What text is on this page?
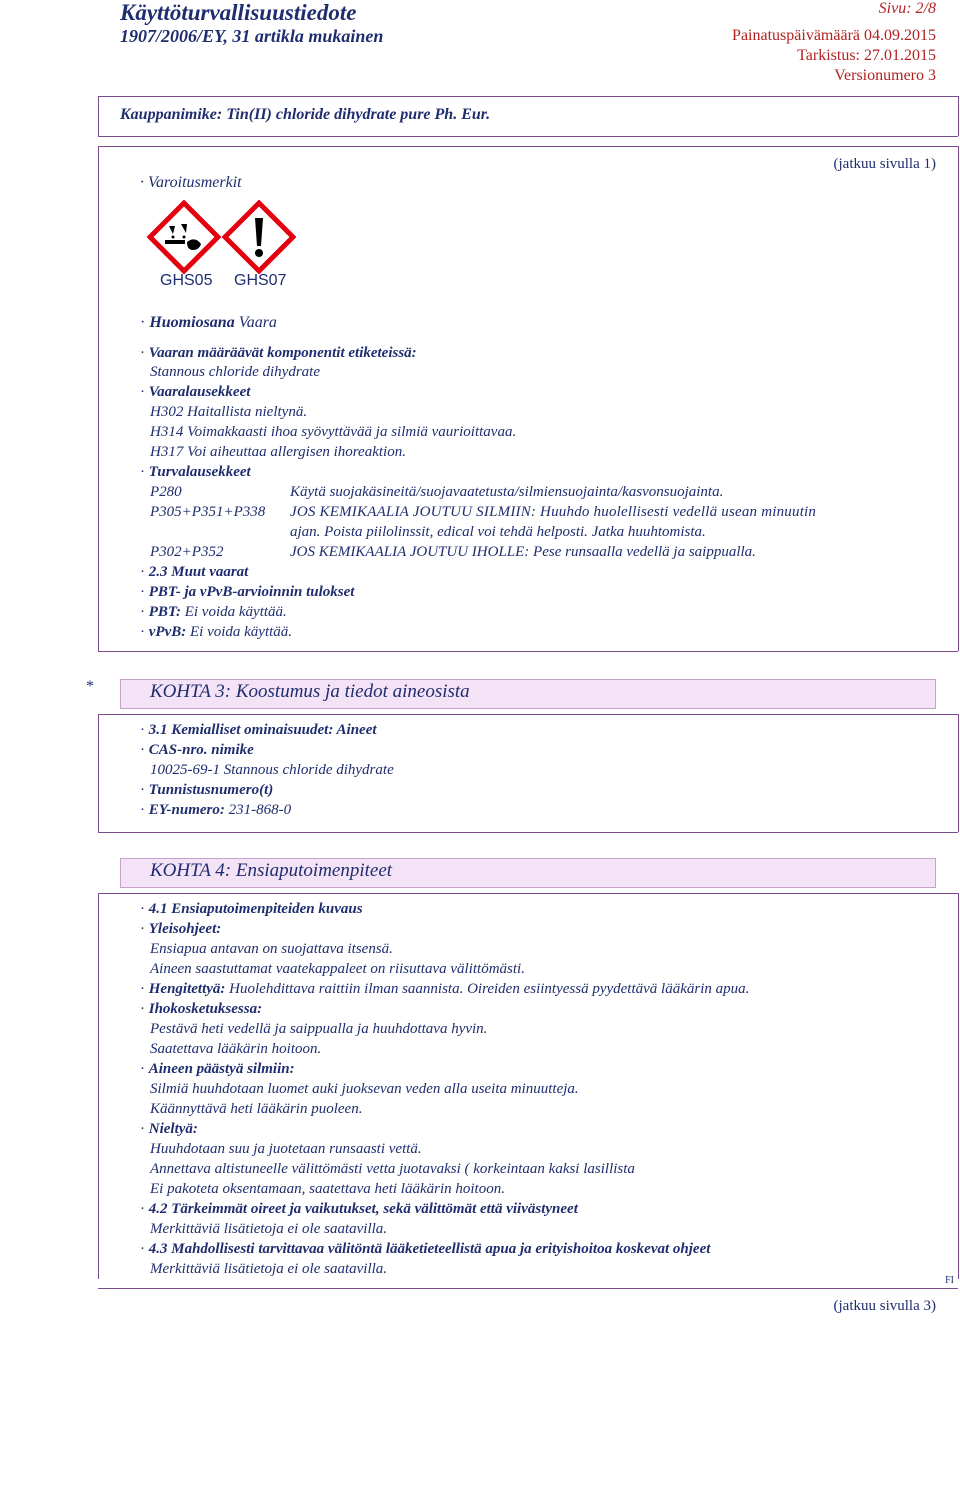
Käyttöturvallisuustiedote
1907/2006/EY, 31 artikla mukainen
Sivu: 2/8
Painatuspäivämäärä 04.09.2015
Tarkistus: 27.01.2015
Versionumero 3
Kauppanimike: Tin(II) chloride dihydrate pure Ph. Eur.
(jatkuu sivulla 1)
· Varoitusmerkit
GHS05 GHS07
· Huomiosana Vaara
· Vaaran määräävät komponentit etiketeissä:
Stannous chloride dihydrate
· Vaaralausekkeet
H302 Haitallista nieltynä.
H314 Voimakkaasti ihoa syövyttävää ja silmiä vaurioittavaa.
H317 Voi aiheuttaa allergisen ihoreaktion.
· Turvalausekkeet
P280	Käytä suojakäsineitä/suojavaatetusta/silmiensuojainta/kasvonsuojainta.
P305+P351+P338 JOS KEMIKAALIA JOUTUU SILMIIN: Huuhdo huolellisesti vedellä usean minuutin
ajan. Poista piilolinssit, edical voi tehdä helposti. Jatka huuhtomista.
P302+P352	JOS KEMIKAALIA JOUTUU IHOLLE: Pese runsaalla vedellä ja saippualla.
· 2.3 Muut vaarat
· PBT- ja vPvB-arvioinnin tulokset
· PBT: Ei voida käyttää.
· vPvB: Ei voida käyttää.
*	KOHTA 3: Koostumus ja tiedot aineosista
· 3.1 Kemialliset ominaisuudet: Aineet
· CAS-nro. nimike
10025-69-1 Stannous chloride dihydrate
· Tunnistusnumero(t)
· EY-numero: 231-868-0
KOHTA 4: Ensiaputoimenpiteet
· 4.1 Ensiaputoimenpiteiden kuvaus
· Yleisohjeet:
Ensiapua antavan on suojattava itsensä.
Aineen saastuttamat vaatekappaleet on riisuttava välittömästi.
· Hengitettyä: Huolehdittava raittiin ilman saannista. Oireiden esiintyessä pyydettävä lääkärin apua.
· Ihokosketuksessa:
Pestävä heti vedellä ja saippualla ja huuhdottava hyvin.
Saatettava lääkärin hoitoon.
· Aineen päästyä silmiin:
Silmiä huuhdotaan luomet auki juoksevan veden alla useita minuutteja.
Käännyttävä heti lääkärin puoleen.
· Nieltyä:
Huuhdotaan suu ja juotetaan runsaasti vettä.
Annettava altistuneelle välittömästi vetta juotavaksi ( korkeintaan kaksi lasillista
Ei pakoteta oksentamaan, saatettava heti lääkärin hoitoon.
· 4.2 Tärkeimmät oireet ja vaikutukset, sekä välittömät että viivästyneet
Merkittäviä lisätietoja ei ole saatavilla.
· 4.3 Mahdollisesti tarvittavaa välitöntä lääketieteellistä apua ja erityishoitoa koskevat ohjeet
Merkittäviä lisätietoja ei ole saatavilla.
FI
(jatkuu sivulla 3)
